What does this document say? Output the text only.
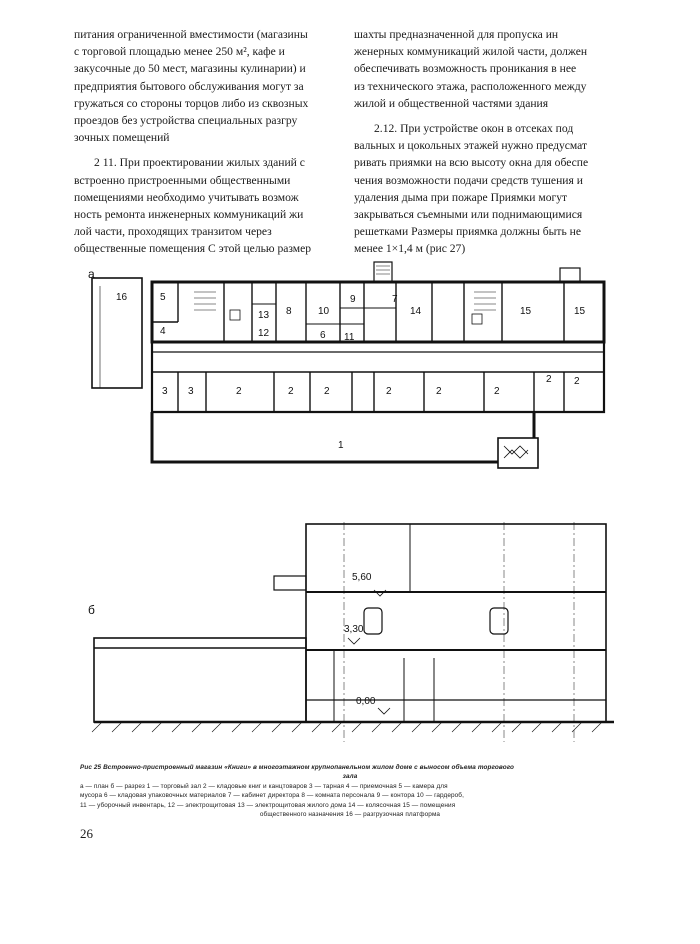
питания ограниченной вместимости (магазины

с торговой площадью менее 250 м², кафе и

закусочные до 50 мест, магазины кулинарии) и

предприятия бытового обслуживания могут за

гружаться со стороны торцов либо из сквозных

проездов без устройства специальных разгру

зочных помещений

2 11. При проектировании жилых зданий с

встроенно пристроенными общественными

помещениями необходимо учитывать возмож

ность ремонта инженерных коммуникаций жи

лой части, проходящих транзитом через

общественные помещения С этой целью размер

шахты предназначенной для пропуска ин

женерных коммуникаций жилой части, должен

обеспечивать возможность проникания в нее

из технического этажа, расположенного между

жилой и общественной частями здания

2.12. При устройстве окон в отсеках под

вальных и цокольных этажей нужно предусмат

ривать приямки на всю высоту окна для обеспе

чения возможности подачи средств тушения и

удаления дыма при пожаре Приямки могут

закрываться съемными или поднимающимися

решетками Размеры приямка должны быть не

менее 1×1,4 м (рис 27)

а
16	5
4
3 3	2	2	2
13
12
8	10
6 11
9	7
14
2	2	2
2
15	15
2
1
б
5,60
3,30
0,00

Рис 25 Встроенно-пристроенный магазин «Книги» в многоэтажном крупнопанельном жилом доме с выносом объема торгового

зала

а — план б — разрез 1 — торговый зал 2 — кладовые книг и канцтоваров 3 — тарная 4 — приемочная 5 — камера для

мусора 6 — кладовая упаковочных материалов 7 — кабинет директора 8 — комната персонала 9 — контора 10 — гардероб,

11 — уборочный инвентарь, 12 — электрощитовая 13 — электрощитовая жилого дома 14 — колясочная 15 — помещения

общественного назначения 16 — разгрузочная платформа

26
